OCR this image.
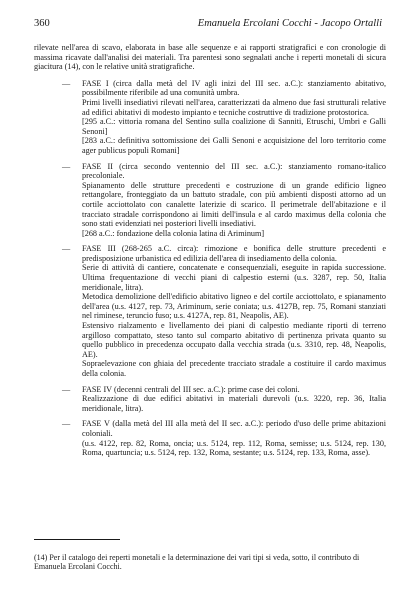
360	Emanuela Ercolani Cocchi - Jacopo Ortalli

rilevate nell'area di scavo, elaborata in base alle sequenze e ai rapporti stratigrafici e con cronologie di massima ricavate dall'analisi dei materiali. Tra parentesi sono segnalati anche i reperti monetali di sicura giacitura (14), con le relative unità stratigrafiche.

— FASE I (circa dalla metà del IV agli inizi del III sec. a.C.): stanziamento abitativo, possibilmente riferibile ad una comunità umbra.

Primi livelli insediativi rilevati nell'area, caratterizzati da almeno due fasi strutturali relative ad edifici abitativi di modesto impianto e tecniche costruttive di tradizione protostorica.

[295 a.C.: vittoria romana del Sentino sulla coalizione di Sanniti, Etruschi, Umbri e Galli Senoni]

[283 a.C.: definitiva sottomissione dei Galli Senoni e acquisizione del loro territorio come ager publicus populi Romani]

— FASE II (circa secondo ventennio del III sec. a.C.): stanziamento romano-italico precoloniale.

Spianamento delle strutture precedenti e costruzione di un grande edificio ligneo rettangolare, fronteggiato da un battuto stradale, con più ambienti disposti attorno ad un cortile acciottolato con canalette laterizie di scarico. Il perimetrale dell'abitazione e il tracciato stradale corrispondono ai limiti dell'insula e al cardo maximus della colonia che sono stati evidenziati nei posteriori livelli insediativi.

[268 a.C.: fondazione della colonia latina di Ariminum]

— FASE III (268-265 a.C. circa): rimozione e bonifica delle strutture precedenti e predisposizione urbanistica ed edilizia dell'area di insediamento della colonia.

Serie di attività di cantiere, concatenate e consequenziali, eseguite in rapida successione. Ultima frequentazione di vecchi piani di calpestio esterni (u.s. 3287, rep. 50, Italia meridionale, litra).

Metodica demolizione dell'edificio abitativo ligneo e del cortile acciottolato, e spianamento dell'area (u.s. 4127, rep. 73, Ariminum, serie coniata; u.s. 4127B, rep. 75, Romani stanziati nel riminese, teruncio fuso; u.s. 4127A, rep. 81, Neapolis, AE).

Estensivo rialzamento e livellamento dei piani di calpestio mediante riporti di terreno argilloso compattato, steso tanto sul comparto abitativo di pertinenza privata quanto su quello pubblico in precedenza occupato dalla vecchia strada (u.s. 3310, rep. 48, Neapolis, AE).

Sopraelevazione con ghiaia del precedente tracciato stradale a costituire il cardo maximus della colonia.

— FASE IV (decenni centrali del III sec. a.C.): prime case dei coloni.

Realizzazione di due edifici abitativi in materiali durevoli (u.s. 3220, rep. 36, Italia meridionale, litra).

— FASE V (dalla metà del III alla metà del II sec. a.C.): periodo d'uso delle prime abitazioni coloniali.

(u.s. 4122, rep. 82, Roma, oncia; u.s. 5124, rep. 112, Roma, semisse; u.s. 5124, rep. 130, Roma, quartuncia; u.s. 5124, rep. 132, Roma, sestante; u.s. 5124, rep. 133, Roma, asse).

(14) Per il catalogo dei reperti monetali e la determinazione dei vari tipi si veda, sotto, il contributo di Emanuela Ercolani Cocchi.
